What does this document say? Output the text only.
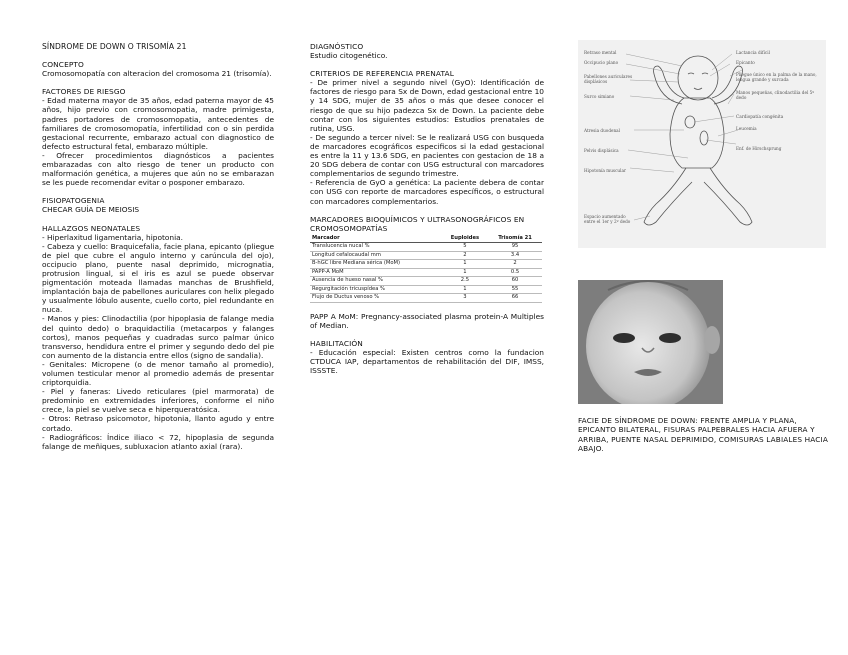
SÍNDROME DE DOWN O TRISOMÍA 21

CONCEPTO

Cromosomopatía con alteracion del cromosoma 21 (trisomía).

FACTORES DE RIESGO

- Edad materna mayor de 35 años, edad paterna mayor de 45 años, hijo previo con cromosomopatia, madre primigesta, padres portadores de cromosomopatia, antecedentes de familiares de cromosomopatía, infertilidad con o sin perdida gestacional recurrente, embarazo actual con diagnostico de defecto estructural fetal, embarazo múltiple.
- Ofrecer procedimientos diagnósticos a pacientes embarazadas con alto riesgo de tener un producto con malformación genética, a mujeres que aún no se embarazan se les puede recomendar evitar o posponer embarazo.

FISIOPATOGENIA

CHECAR GUÍA DE MEIOSIS

HALLAZGOS NEONATALES

- Hiperlaxitud ligamentaria, hipotonia.
- Cabeza y cuello: Braquicefalia, facie plana, epicanto (pliegue de piel que cubre el angulo interno y carúncula del ojo), occipucio plano, puente nasal deprimido, micrognatia, protrusion lingual, si el iris es azul se puede observar pigmentación moteada llamadas manchas de Brushfield, implantación baja de pabellones auriculares con helix plegado y usualmente lóbulo ausente, cuello corto, piel redundante en nuca.
- Manos y pies: Clinodactilia (por hipoplasia de falange media del quinto dedo) o braquidactilia (metacarpos y falanges cortos), manos pequeñas y cuadradas surco palmar único transverso, hendidura entre el primer y segundo dedo del pie con aumento de la distancia entre ellos (signo de sandalia).
- Genitales: Micropene (o de menor tamaño al promedio), volumen testicular menor al promedio además de presentar criptorquidia.
- Piel y faneras: Livedo reticulares (piel marmorata) de predominio en extremidades inferiores, conforme el niño crece, la piel se vuelve seca e hiperqueratósica.
- Otros: Retraso psicomotor, hipotonia, llanto agudo y entre cortado.
- Radiográficos: Índice iliaco < 72, hipoplasia de segunda falange de meñiques, subluxacion atlanto axial (rara).

DIAGNÓSTICO

Estudio citogenético.

CRITERIOS DE REFERENCIA PRENATAL

- De primer nivel a segundo nivel (GyO): Identificación de factores de riesgo para Sx de Down, edad gestacional entre 10 y 14 SDG, mujer de 35 años o más que desee conocer el riesgo de que su hijo padezca Sx de Down. La paciente debe contar con los siguientes estudios: Estudios prenatales de rutina, USG.
- De segundo a tercer nivel: Se le realizará USG con busqueda de marcadores ecográficos especificos si la edad gestacional es entre la 11 y 13.6 SDG, en pacientes con gestacion de 18 a 20 SDG debera de contar con USG estructural con marcadores complementarios de segundo trimestre.
- Referencia de GyO a genética: La paciente debera de contar con USG con reporte de marcadores específicos, o estructural con marcadores complementarios.

MARCADORES BIOQUÍMICOS Y ULTRASONOGRÁFICOS EN CROMOSOMOPATÍAS

Marcador	Euploides	Trisomía 21
Translucencia nucal %	5	95
Longitud cefalocaudal mm	2	3.4
B-hGC libre Mediana sérica (MoM)	1	2
PAPP-A MoM	1	0.5
Ausencia de hueso nasal %	2.5	60
Regurgitación tricuspídea %	1	55
Flujo de Ductus venoso %	3	66

PAPP A MoM: Pregnancy-associated plasma protein-A Multiples of Median.

HABILITACIÓN

- Educación especial: Existen centros como la fundacion CTDUCA IAP, departamentos de rehabilitación del DIF, IMSS, ISSSTE.

Retraso mental
Occipucio plano
Pabellones auriculares displásicos
Surco simiano
Atresia duodenal
Pelvis displásica
Hipotonía muscular
Espacio aumentado entre el 1er y 2º dedo
Lactancia difícil
Epicanto
Pliegue único en la palma de la mano, lengua grande y surcada
Manos pequeñas, clinodactilia del 5º dedo
Cardiopatía congénita
Leucemia
Enf. de Hirschsprung

FACIE DE SÍNDROME DE DOWN: FRENTE AMPLIA Y PLANA, EPICANTO BILATERAL, FISURAS PALPEBRALES HACIA AFUERA Y ARRIBA, PUENTE NASAL DEPRIMIDO, COMISURAS LABIALES HACIA ABAJO.
